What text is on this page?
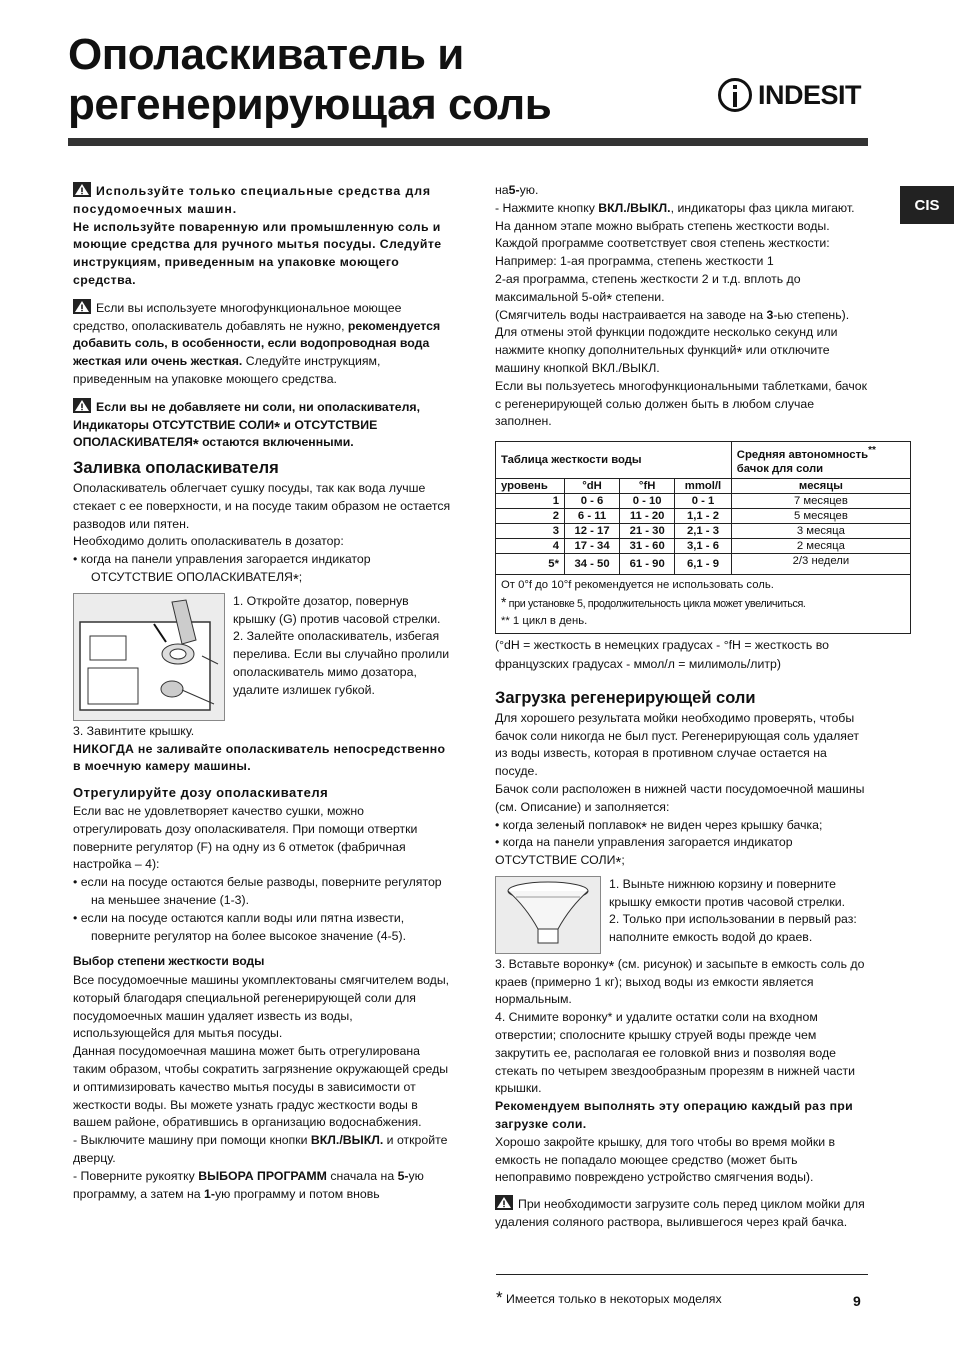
Ополаскиватель и
регенерирующая соль	INDESIT
CIS

Используйте только специальные средства для посудомоечных машин.

Не используйте поваренную или промышленную соль и моющие средства для ручного мытья посуды. Следуйте инструкциям, приведенным на упаковке моющего средства.

Если вы используете многофункциональное моющее средство, ополаскиватель добавлять не нужно, рекомендуется добавить соль, в особенности, если водопроводная вода жесткая или очень жесткая. Следуйте инструкциям, приведенным на упаковке моющего средства.

Если вы не добавляете ни соли, ни ополаскивателя, Индикаторы ОТСУТСТВИЕ СОЛИ* и ОТСУТСТВИЕ ОПОЛАСКИВАТЕЛЯ* остаются включенными.

Заливка ополаскивателя

Ополаскиватель облегчает сушку посуды, так как вода лучше стекает с ее поверхности, и на посуде таким образом не остается разводов или пятен.

Необходимо долить ополаскиватель в дозатор:

• когда на панели управления загорается индикатор ОТСУТСТВИЕ ОПОЛАСКИВАТЕЛЯ*;

1. Откройте дозатор, повернув крышку (G) против часовой стрелки.

2. Залейте ополаскиватель, избегая перелива. Если вы случайно пролили ополаскиватель мимо дозатора, удалите излишек губкой.

3. Завинтите крышку.

НИКОГДА не заливайте ополаскиватель непосредственно в моечную камеру машины.

Отрегулируйте дозу ополаскивателя

Если вас не удовлетворяет качество сушки, можно отрегулировать дозу ополаскивателя. При помощи отвертки поверните регулятор (F) на одну из 6 отметок (фабричная настройка – 4):

• если на посуде остаются белые разводы, поверните регулятор на меньшее значение (1-3).

• если на посуде остаются капли воды или пятна извести, поверните регулятор на более высокое значение (4-5).

Выбор степени жесткости воды

Все посудомоечные машины укомплектованы смягчителем воды, который благодаря специальной регенерирующей соли для посудомоечных машин удаляет известь из воды, использующейся для мытья посуды.

Данная посудомоечная машина может быть отрегулирована таким образом, чтобы сократить загрязнение окружающей среды и оптимизировать качество мытья посуды в зависимости от жесткости воды. Вы можете узнать градус жесткости воды в вашем районе, обратившись в организацию водоснабжения.

- Выключите машину при помощи кнопки ВКЛ./ВЫКЛ. и откройте дверцу.

- Поверните рукоятку ВЫБОРА ПРОГРАММ сначала на 5-ую программу, а затем на 1-ую программу и потом вновь

на5-ую.

- Нажмите кнопку ВКЛ./ВЫКЛ., индикаторы фаз цикла мигают. На данном этапе можно выбрать степень жесткости воды. Каждой программе соответствует своя степень жесткости:

Например: 1-ая программа, степень жесткости 1

2-ая программа, степень жесткости 2 и т.д. вплоть до максимальной 5-ой* степени.

(Смягчитель воды настраивается на заводе на 3-ью степень).

Для отмены этой функции подождите несколько секунд или нажмите кнопку дополнительных функций* или отключите машину кнопкой ВКЛ./ВЫКЛ.

Если вы пользуетесь многофункциональными таблетками, бачок с регенерирующей солью должен быть в любом случае заполнен.

Таблица жесткости воды				Средняя автономность**
бачок для соли
уровень	°dH	°fH	mmol/l	месяцы
1	0 - 6	0 - 10	0 - 1	7 месяцев
2	6 - 11	11 - 20	1,1 - 2	5 месяцев
3	12 - 17	21 - 30	2,1 - 3	3 месяца
4	17 - 34	31 - 60	3,1 - 6	2 месяца
5*	34 - 50	61 - 90	6,1 - 9	2/3 недели

От 0°f до 10°f рекомендуется не использовать соль.
* при установке 5, продолжительность цикла может увеличиться.
** 1 цикл в день.				

(°dH = жесткость в немецких градусах - °fH = жесткость во французских градусах - ммол/л = милимоль/литр)

Загрузка регенерирующей соли

Для хорошего результата мойки необходимо проверять, чтобы бачок соли никогда не был пуст. Регенерирующая соль удаляет из воды известь, которая в противном случае остается на посуде.

Бачок соли расположен в нижней части посудомоечной машины (см. Описание) и заполняется:

• когда зеленый поплавок* не виден через крышку бачка;

• когда на панели управления загорается индикатор ОТСУТСТВИЕ СОЛИ*;

1. Выньте нижнюю корзину и поверните крышку емкости против часовой стрелки.

2. Только при использовании в первый раз: наполните емкость водой до краев.

3. Вставьте воронку* (см. рисунок) и засыпьте в емкость соль до краев (примерно 1 кг); выход воды из емкости является нормальным.

4. Снимите воронку* и удалите остатки соли на входном отверстии; сполосните крышку струей воды прежде чем закрутить ее, располагая ее головкой вниз и позволяя воде стекать по четырем звездообразным прорезям в нижней части крышки.

Рекомендуем выполнять эту операцию каждый раз при загрузке соли.

Хорошо закройте крышку, для того чтобы во время мойки в емкость не попадало моющее средство (может быть непоправимо повреждено устройство смягчения воды).

При необходимости загрузите соль перед циклом мойки для удаления соляного раствора, вылившегося через край бачка.

* Имеется только в некоторых моделях	9
